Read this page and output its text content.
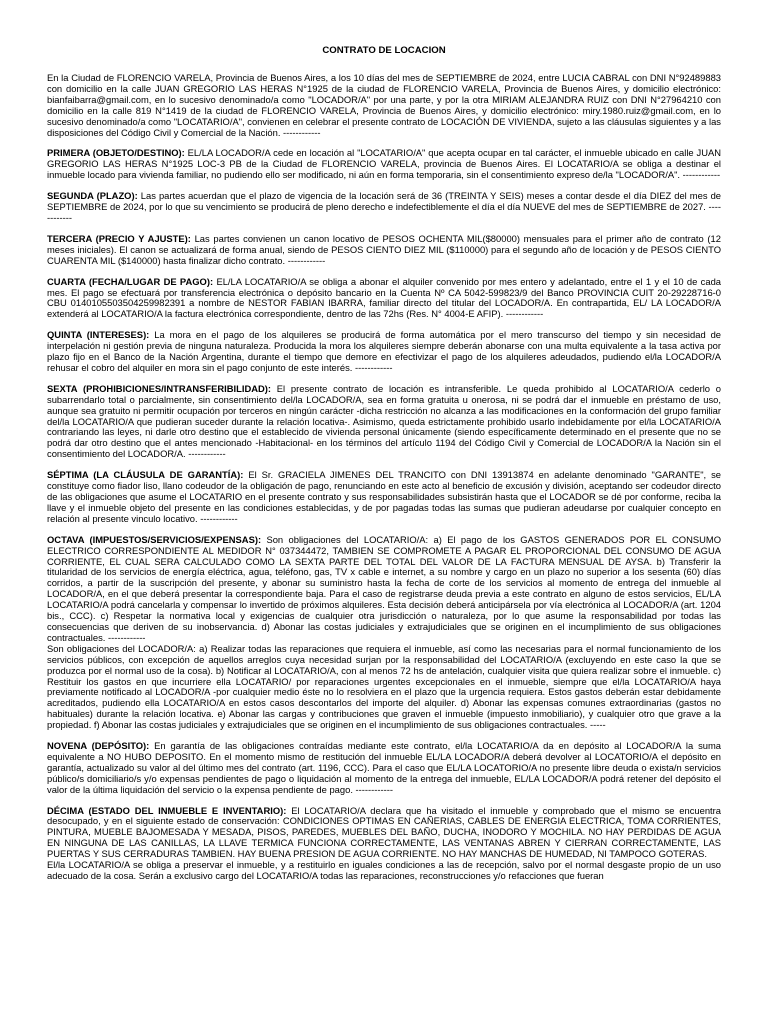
CONTRATO DE LOCACION

En la Ciudad de FLORENCIO VARELA, Provincia de Buenos Aires, a los 10 días del mes de SEPTIEMBRE de 2024, entre LUCIA CABRAL con DNI N°92489883 con domicilio en la calle JUAN GREGORIO LAS HERAS N°1925 de la ciudad de FLORENCIO VARELA, Provincia de Buenos Aires, y domicilio electrónico: bianfaibarra@gmail.com, en lo sucesivo denominado/a como "LOCADOR/A" por una parte, y por la otra MIRIAM ALEJANDRA RUIZ con DNI N°27964210 con domicilio en la calle 819 N°1419 de la ciudad de FLORENCIO VARELA, Provincia de Buenos Aires, y domicilio electrónico: miry.1980.ruiz@gmail.com, en lo sucesivo denominado/a como "LOCATARIO/A", convienen en celebrar el presente contrato de LOCACIÓN DE VIVIENDA, sujeto a las cláusulas siguientes y a las disposiciones del Código Civil y Comercial de la Nación. ------------

PRIMERA (OBJETO/DESTINO): EL/LA LOCADOR/A cede en locación al "LOCATARIO/A" que acepta ocupar en tal carácter, el inmueble ubicado en calle JUAN GREGORIO LAS HERAS N°1925 LOC-3 PB de la Ciudad de FLORENCIO VARELA, provincia de Buenos Aires. El LOCATARIO/A se obliga a destinar el inmueble locado para vivienda familiar, no pudiendo ello ser modificado, ni aún en forma temporaria, sin el consentimiento expreso de/la "LOCADOR/A". ------------

SEGUNDA (PLAZO): Las partes acuerdan que el plazo de vigencia de la locación será de 36 (TREINTA Y SEIS) meses a contar desde el día DIEZ del mes de SEPTIEMBRE de 2024, por lo que su vencimiento se producirá de pleno derecho e indefectiblemente el día el día NUEVE del mes de SEPTIEMBRE de 2027. ------------

TERCERA (PRECIO Y AJUSTE): Las partes convienen un canon locativo de PESOS OCHENTA MIL($80000) mensuales para el primer año de contrato (12 meses iniciales). El canon se actualizará de forma anual, siendo de PESOS CIENTO DIEZ MIL ($110000) para el segundo año de locación y de PESOS CIENTO CUARENTA MIL ($140000) hasta finalizar dicho contrato. ------------

CUARTA (FECHA/LUGAR DE PAGO): EL/LA LOCATARIO/A se obliga a abonar el alquiler convenido por mes entero y adelantado, entre el 1 y el 10 de cada mes. El pago se efectuará por transferencia electrónica o depósito bancario en la Cuenta Nº CA 5042-599823/9 del Banco PROVINCIA CUIT 20-29228716-0 CBU 0140105503504259982391 a nombre de NESTOR FABIAN IBARRA, familiar directo del titular del LOCADOR/A. En contrapartida, EL/ LA LOCADOR/A extenderá al LOCATARIO/A la factura electrónica correspondiente, dentro de las 72hs (Res. N° 4004-E AFIP). ------------

QUINTA (INTERESES): La mora en el pago de los alquileres se producirá de forma automática por el mero transcurso del tiempo y sin necesidad de interpelación ni gestión previa de ninguna naturaleza. Producida la mora los alquileres siempre deberán abonarse con una multa equivalente a la tasa activa por plazo fijo en el Banco de la Nación Argentina, durante el tiempo que demore en efectivizar el pago de los alquileres adeudados, pudiendo el/la LOCADOR/A rehusar el cobro del alquiler en mora sin el pago conjunto de este interés. ------------

SEXTA (PROHIBICIONES/INTRANSFERIBILIDAD): El presente contrato de locación es intransferible. Le queda prohibido al LOCATARIO/A cederlo o subarrendarlo total o parcialmente, sin consentimiento del/la LOCADOR/A, sea en forma gratuita u onerosa, ni se podrá dar el inmueble en préstamo de uso, aunque sea gratuito ni permitir ocupación por terceros en ningún carácter -dicha restricción no alcanza a las modificaciones en la conformación del grupo familiar del/la LOCATARIO/A que pudieran suceder durante la relación locativa-. Asimismo, queda estrictamente prohibido usarlo indebidamente por el/la LOCATARIO/A contrariando las leyes, ni darle otro destino que el establecido de vivienda personal únicamente (siendo específicamente determinado en el presente que no se podrá dar otro destino que el antes mencionado -Habitacional- en los términos del artículo 1194 del Código Civil y Comercial de LOCADOR/A la Nación sin el consentimiento del LOCADOR/A. ------------

SÉPTIMA (LA CLÁUSULA DE GARANTÍA): El Sr. GRACIELA JIMENES DEL TRANCITO con DNI 13913874 en adelante denominado "GARANTE", se constituye como fiador liso, llano codeudor de la obligación de pago, renunciando en este acto al beneficio de excusión y división, aceptando ser codeudor directo de las obligaciones que asume el LOCATARIO en el presente contrato y sus responsabilidades subsistirán hasta que el LOCADOR se dé por conforme, reciba la llave y el inmueble objeto del presente en las condiciones establecidas, y de por pagadas todas las sumas que pudieran adeudarse por cualquier concepto en relación al presente vinculo locativo. ------------

OCTAVA (IMPUESTOS/SERVICIOS/EXPENSAS): Son obligaciones del LOCATARIO/A: a) El pago de los GASTOS GENERADOS POR EL CONSUMO ELECTRICO CORRESPONDIENTE AL MEDIDOR N° 037344472, TAMBIEN SE COMPROMETE A PAGAR EL PROPORCIONAL DEL CONSUMO DE AGUA CORRIENTE, EL CUAL SERA CALCULADO COMO LA SEXTA PARTE DEL TOTAL DEL VALOR DE LA FACTURA MENSUAL DE AYSA. b) Transferir la titularidad de los servicios de energía eléctrica, agua, teléfono, gas, TV x cable e internet, a su nombre y cargo en un plazo no superior a los sesenta (60) días corridos, a partir de la suscripción del presente, y abonar su suministro hasta la fecha de corte de los servicios al momento de entrega del inmueble al LOCADOR/A, en el que deberá presentar la correspondiente baja. Para el caso de registrarse deuda previa a este contrato en alguno de estos servicios, EL/LA LOCATARIO/A podrá cancelarla y compensar lo invertido de próximos alquileres. Esta decisión deberá anticipársela por vía electrónica al LOCADOR/A (art. 1204 bis., CCC). c) Respetar la normativa local y exigencias de cualquier otra jurisdicción o naturaleza, por lo que asume la responsabilidad por todas las consecuencias que deriven de su inobservancia. d) Abonar las costas judiciales y extrajudiciales que se originen en el incumplimiento de sus obligaciones contractuales. ------------

Son obligaciones del LOCADOR/A: a) Realizar todas las reparaciones que requiera el inmueble, así como las necesarias para el normal funcionamiento de los servicios públicos, con excepción de aquellos arreglos cuya necesidad surjan por la responsabilidad del LOCATARIO/A (excluyendo en este caso la que se produzca por el normal uso de la cosa). b) Notificar al LOCATARIO/A, con al menos 72 hs de antelación, cualquier visita que quiera realizar sobre el inmueble. c) Restituir los gastos en que incurriere ella LOCATARIO/ por reparaciones urgentes excepcionales en el inmueble, siempre que el/la LOCATARIO/A haya previamente notificado al LOCADOR/A -por cualquier medio éste no lo resolviera en el plazo que la urgencia requiera. Estos gastos deberán estar debidamente acreditados, pudiendo ella LOCATARIO/A en estos casos descontarlos del importe del alquiler. d) Abonar las expensas comunes extraordinarias (gastos no habituales) durante la relación locativa. e) Abonar las cargas y contribuciones que graven el inmueble (impuesto inmobiliario), y cualquier otro que grave a la propiedad. f) Abonar las costas judiciales y extrajudiciales que se originen en el incumplimiento de sus obligaciones contractuales. -----

NOVENA (DEPÓSITO): En garantía de las obligaciones contraídas mediante este contrato, el/la LOCATARIO/A da en depósito al LOCADOR/A la suma equivalente a NO HUBO DEPOSITO. En el momento mismo de restitución del inmueble EL/LA LOCADOR/A deberá devolver al LOCATORIO/A el depósito en garantía, actualizado su valor al del último mes del contrato (art. 1196, CCC). Para el caso que EL/LA LOCATORIO/A no presente libre deuda o exista/n servicios público/s domiciliario/s y/o expensas pendientes de pago o liquidación al momento de la entrega del inmueble, EL/LA LOCADOR/A podrá retener del depósito el valor de la última liquidación del servicio o la expensa pendiente de pago. ------------

DÉCIMA (ESTADO DEL INMUEBLE E INVENTARIO): El LOCATARIO/A declara que ha visitado el inmueble y comprobado que el mismo se encuentra desocupado, y en el siguiente estado de conservación: CONDICIONES OPTIMAS EN CAÑERIAS, CABLES DE ENERGIA ELECTRICA, TOMA CORRIENTES, PINTURA, MUEBLE BAJOMESADA Y MESADA, PISOS, PAREDES, MUEBLES DEL BAÑO, DUCHA, INODORO Y MOCHILA. NO HAY PERDIDAS DE AGUA EN NINGUNA DE LAS CANILLAS, LA LLAVE TERMICA FUNCIONA CORRECTAMENTE, LAS VENTANAS ABREN Y CIERRAN CORRECTAMENTE, LAS PUERTAS Y SUS CERRADURAS TAMBIEN. HAY BUENA PRESION DE AGUA CORRIENTE. NO HAY MANCHAS DE HUMEDAD, NI TAMPOCO GOTERAS.

El/la LOCATARIO/A se obliga a preservar el inmueble, y a restituirlo en iguales condiciones a las de recepción, salvo por el normal desgaste propio de un uso adecuado de la cosa. Serán a exclusivo cargo del LOCATARIO/A todas las reparaciones, reconstrucciones y/o refacciones que fueran
